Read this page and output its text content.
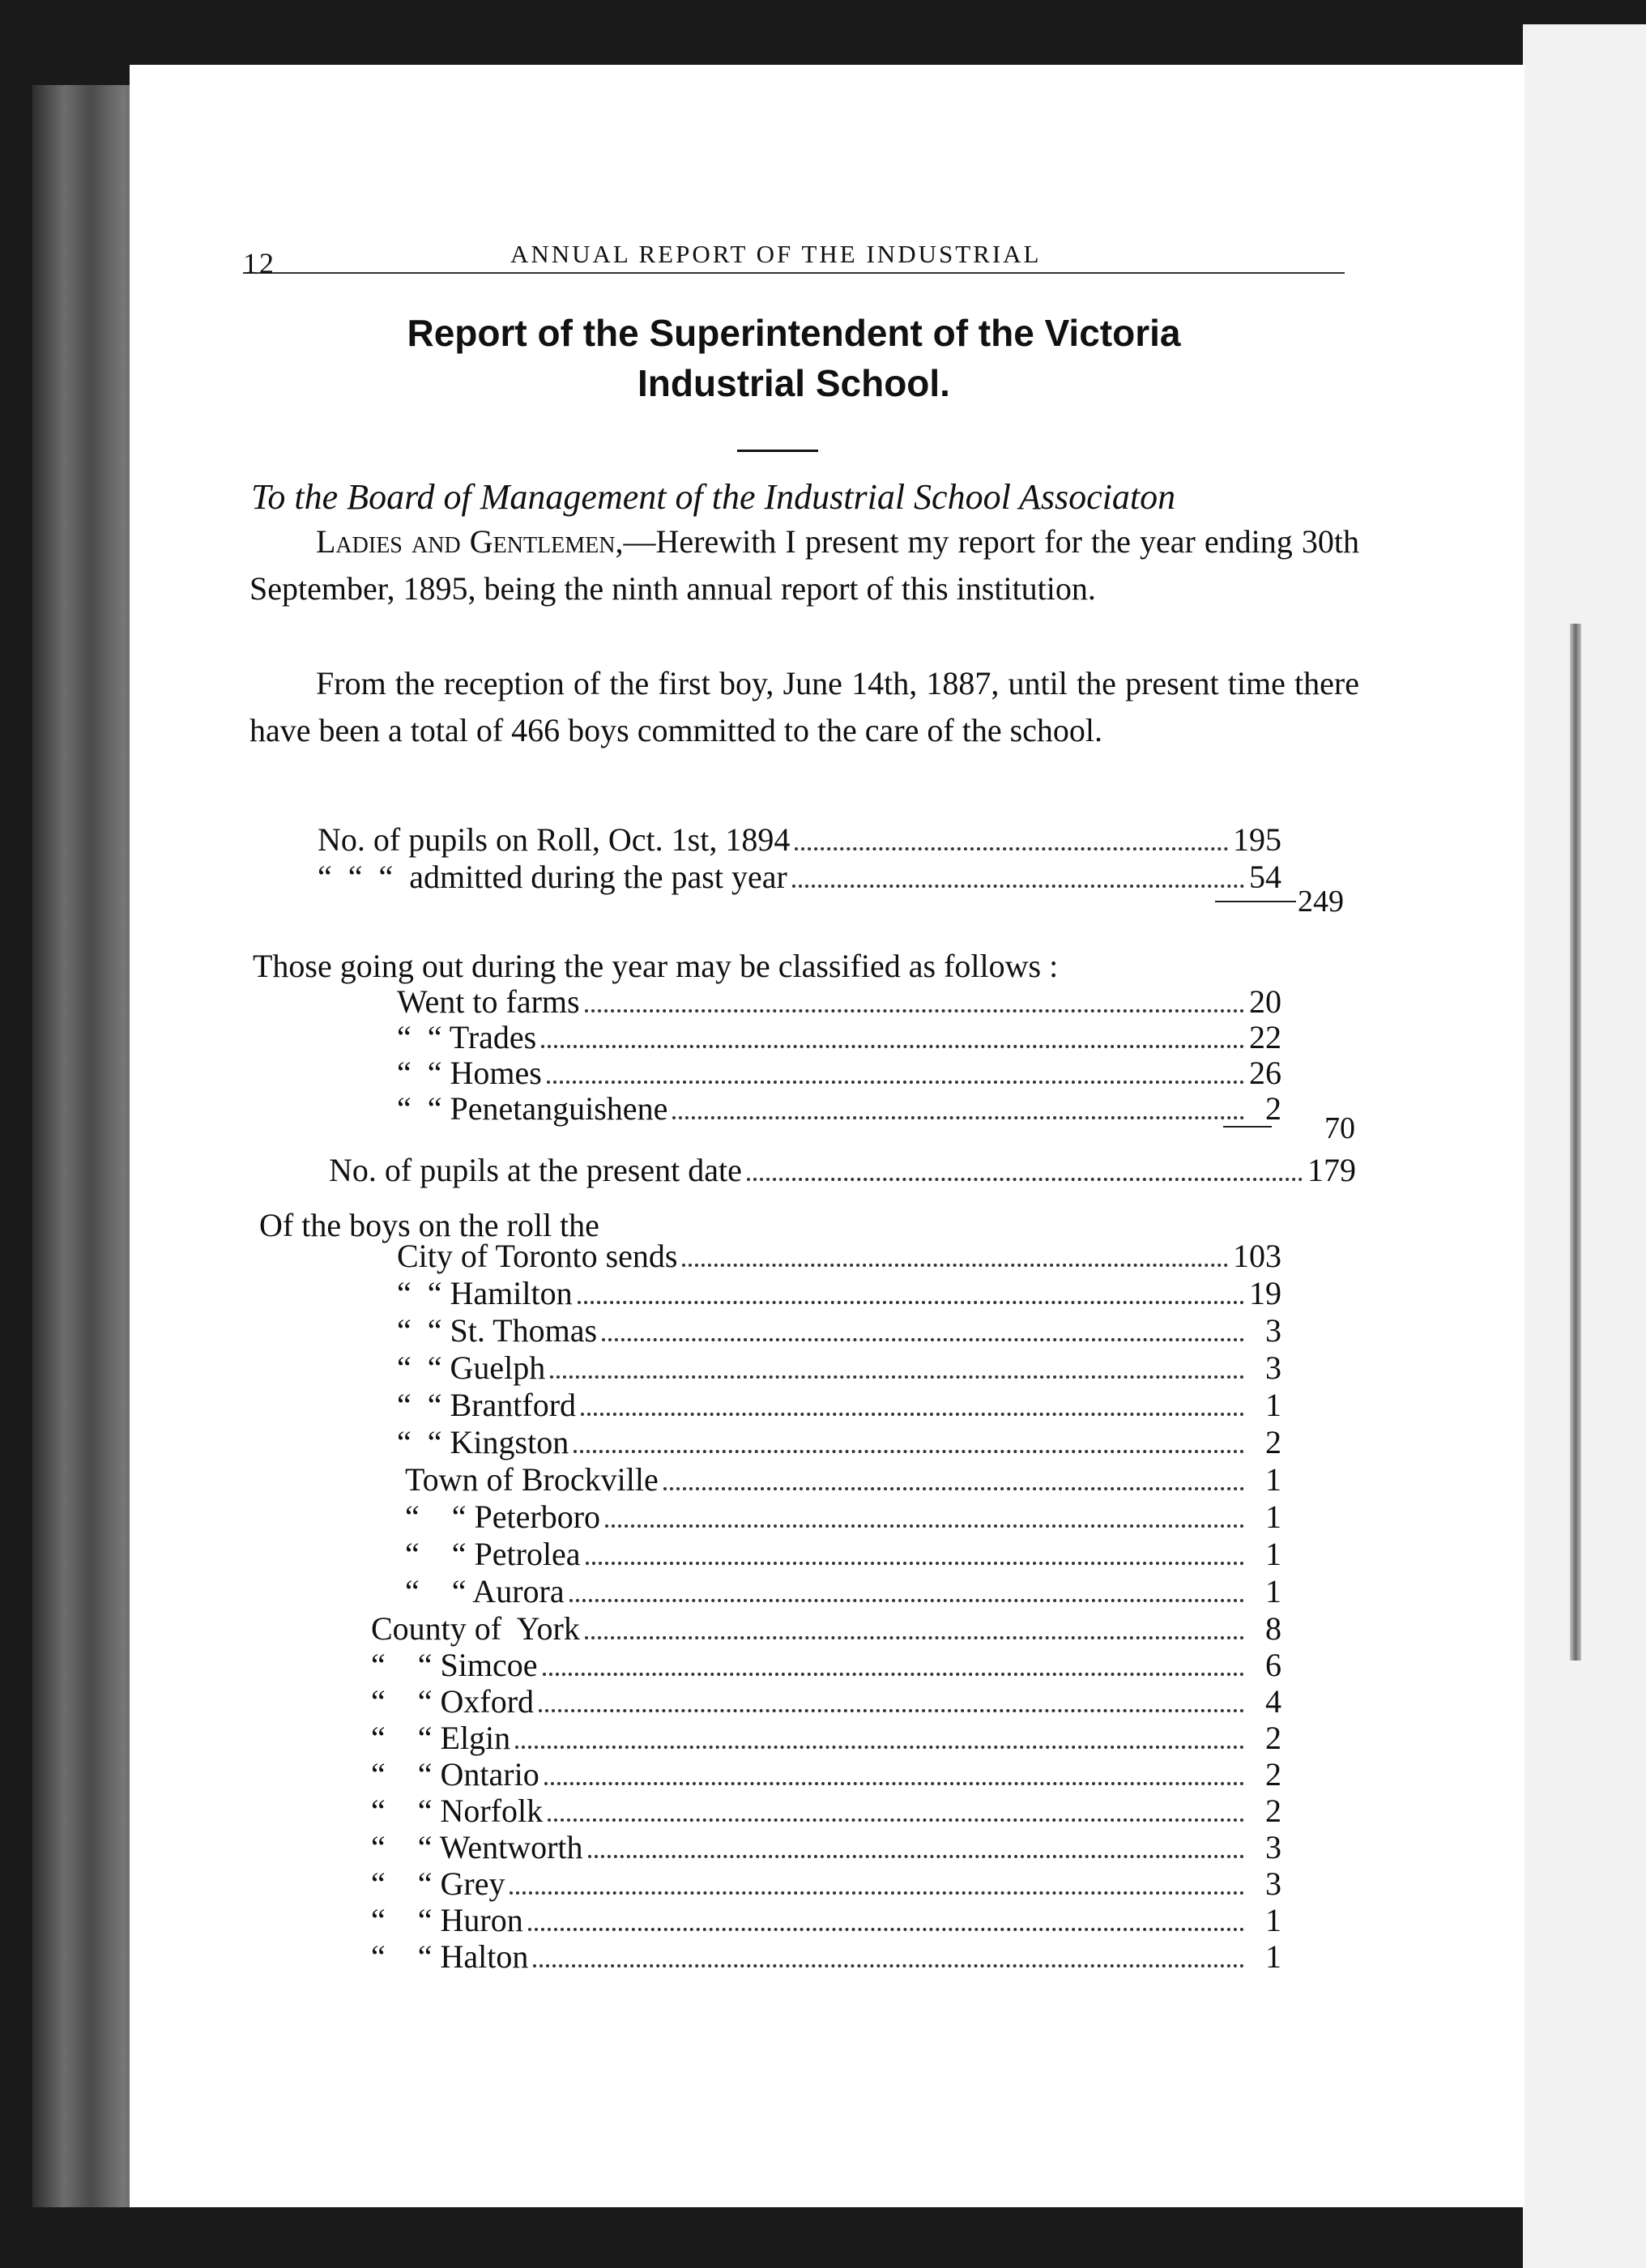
12	ANNUAL REPORT OF THE INDUSTRIAL
Report of the Superintendent of the Victoria
Industrial School.
To the Board of Management of the Industrial School Associaton
Ladies and Gentlemen,—Herewith I present my report for the year ending 30th September, 1895, being the ninth annual report of this institution.
From the reception of the first boy, June 14th, 1887, until the present time there have been a total of 466 boys committed to the care of the school.
No. of pupils on Roll, Oct. 1st, 1894	195
“  “  “  admitted during the past year	54
249
Those going out during the year may be classified as follows :
Went to farms	20
“  “ Trades	22
“  “ Homes	26
“  “ Penetanguishene	2
70
No. of pupils at the present date	179
Of the boys on the roll the
City of Toronto sends	103
“  “ Hamilton	19
“  “ St. Thomas	3
“  “ Guelph	3
“  “ Brantford	1
“  “ Kingston	2
Town of Brockville	1
“    “ Peterboro	1
“    “ Petrolea	1
“    “ Aurora	1
County of  York	8
“    “ Simcoe	6
“    “ Oxford	4
“    “ Elgin	2
“    “ Ontario	2
“    “ Norfolk	2
“    “ Wentworth	3
“    “ Grey	3
“    “ Huron	1
“    “ Halton	1
